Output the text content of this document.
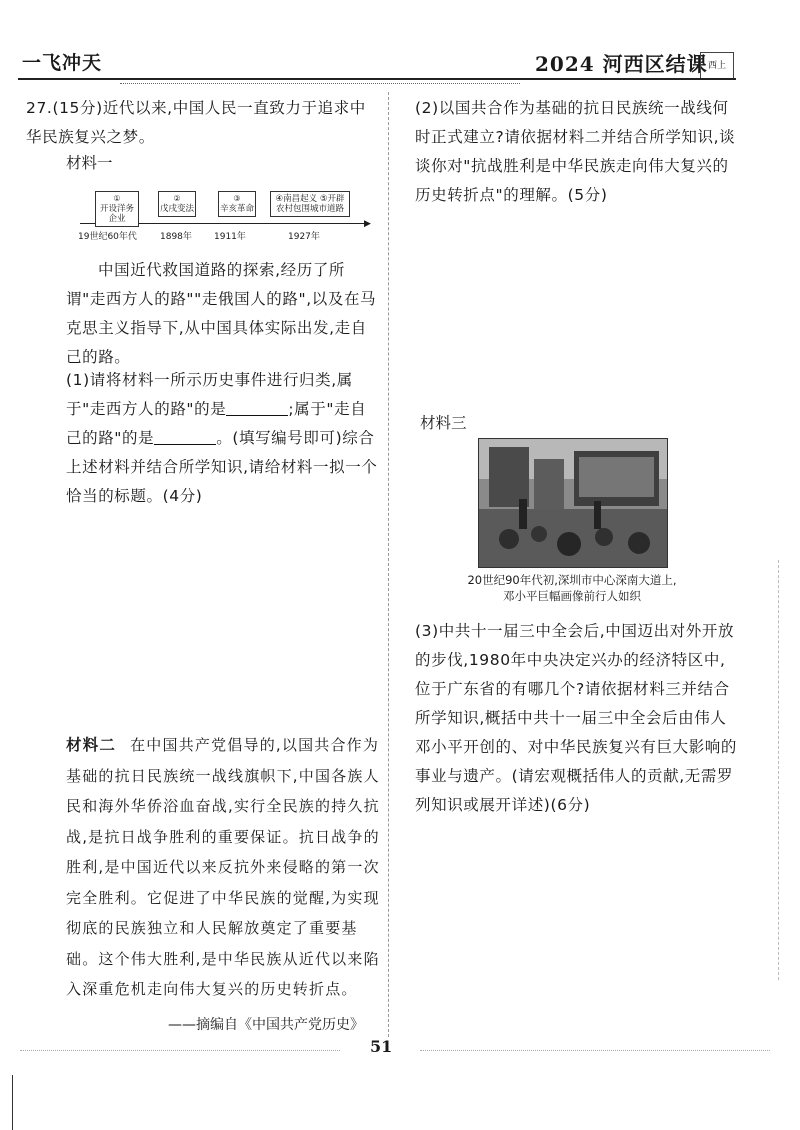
一飞冲天	2024 河西区结课 西上
27.(15分)近代以来,中国人民一直致力于追求中华民族复兴之梦。
材料一
▶
①
开设洋务企业
②
戊戌变法
③
辛亥革命
④南昌起义 ⑤开辟农村包围城市道路
19世纪60年代	1898年 1911年	1927年
中国近代救国道路的探索,经历了所谓"走西方人的路""走俄国人的路",以及在马克思主义指导下,从中国具体实际出发,走自己的路。
(1)请将材料一所示历史事件进行归类,属于"走西方人的路"的是	;属于"走自己的路"的是	。(填写编号即可)综合上述材料并结合所学知识,请给材料一拟一个恰当的标题。(4分)
材料二 在中国共产党倡导的,以国共合作为基础的抗日民族统一战线旗帜下,中国各族人民和海外华侨浴血奋战,实行全民族的持久抗战,是抗日战争胜利的重要保证。抗日战争的胜利,是中国近代以来反抗外来侵略的第一次完全胜利。它促进了中华民族的觉醒,为实现彻底的民族独立和人民解放奠定了重要基础。这个伟大胜利,是中华民族从近代以来陷入深重危机走向伟大复兴的历史转折点。
——摘编自《中国共产党历史》
(2)以国共合作为基础的抗日民族统一战线何时正式建立?请依据材料二并结合所学知识,谈谈你对"抗战胜利是中华民族走向伟大复兴的历史转折点"的理解。(5分)
材料三
20世纪90年代初,深圳市中心深南大道上,
邓小平巨幅画像前行人如织
(3)中共十一届三中全会后,中国迈出对外开放的步伐,1980年中央决定兴办的经济特区中,位于广东省的有哪几个?请依据材料三并结合所学知识,概括中共十一届三中全会后由伟人邓小平开创的、对中华民族复兴有巨大影响的事业与遗产。(请宏观概括伟人的贡献,无需罗列知识或展开详述)(6分)
51
